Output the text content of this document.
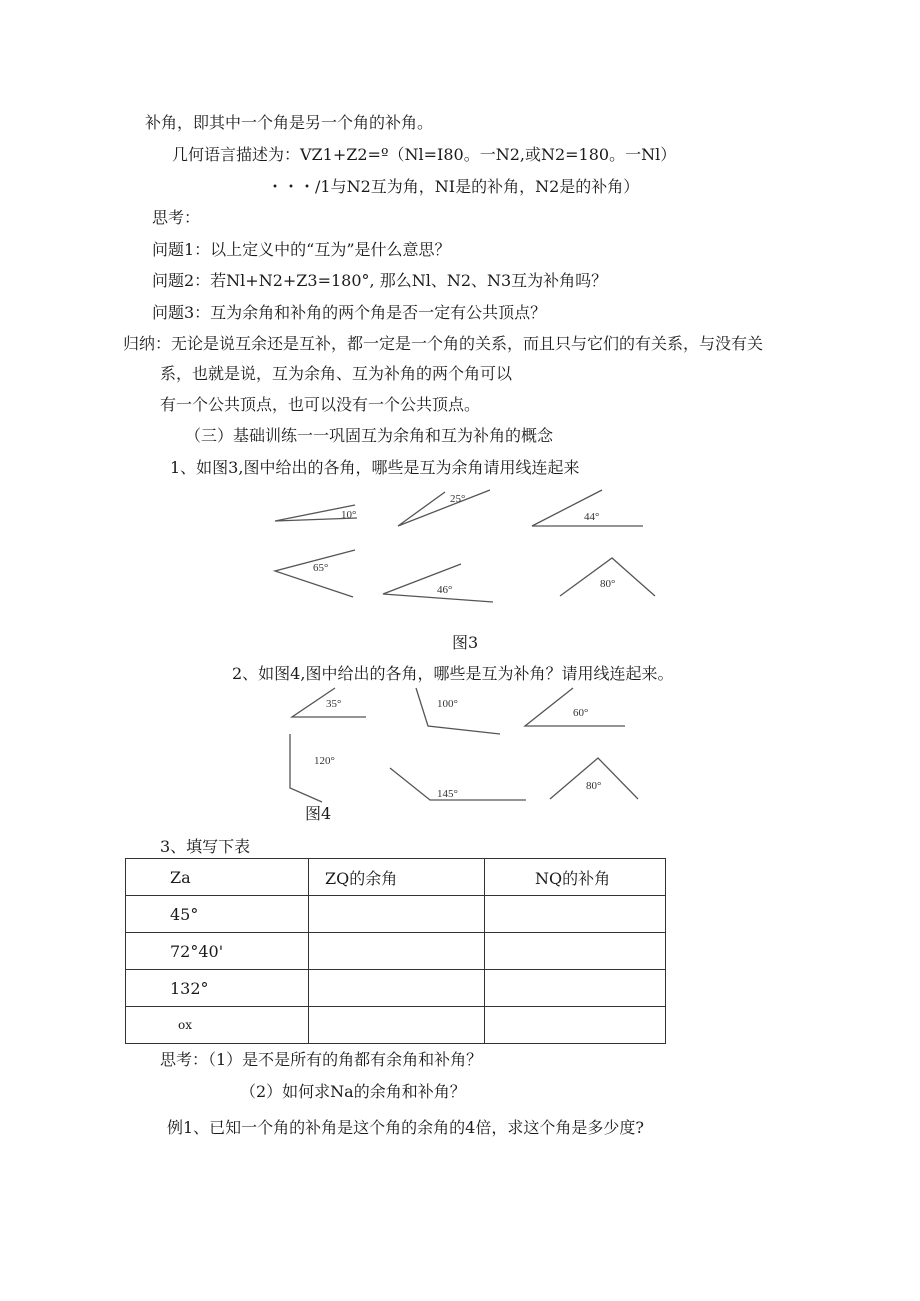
补角，即其中一个角是另一个角的补角。
几何语言描述为：VZ1+Z2=º（Nl=I80。一N2,或N2=180。一Nl）
・・・/1与N2互为角，NI是的补角，N2是的补角）
思考：
问题1：以上定义中的“互为”是什么意思？
问题2：若Nl+N2+Z3=180°, 那么Nl、N2、N3互为补角吗？
问题3：互为余角和补角的两个角是否一定有公共顶点？
归纳：无论是说互余还是互补，都一定是一个角的关系，而且只与它们的有关系，与没有关
系，也就是说，互为余角、互为补角的两个角可以
有一个公共顶点，也可以没有一个公共顶点。
（三）基础训练一一巩固互为余角和互为补角的概念
1、如图3,图中给出的各角，哪些是互为余角请用线连起来
10°
25°
44°
65°
46°	80°
图3
2、如图4,图中给出的各角，哪些是互为补角？请用线连起来。
35°	100°
60°
120°
145°
80°
图4
3、填写下表
Za	ZQ的余角	NQ的补角
45°		
72°40'		
132°		
ox		
思考：（1）是不是所有的角都有余角和补角？
（2）如何求Na的余角和补角？
例1、已知一个角的补角是这个角的余角的4倍，求这个角是多少度?
